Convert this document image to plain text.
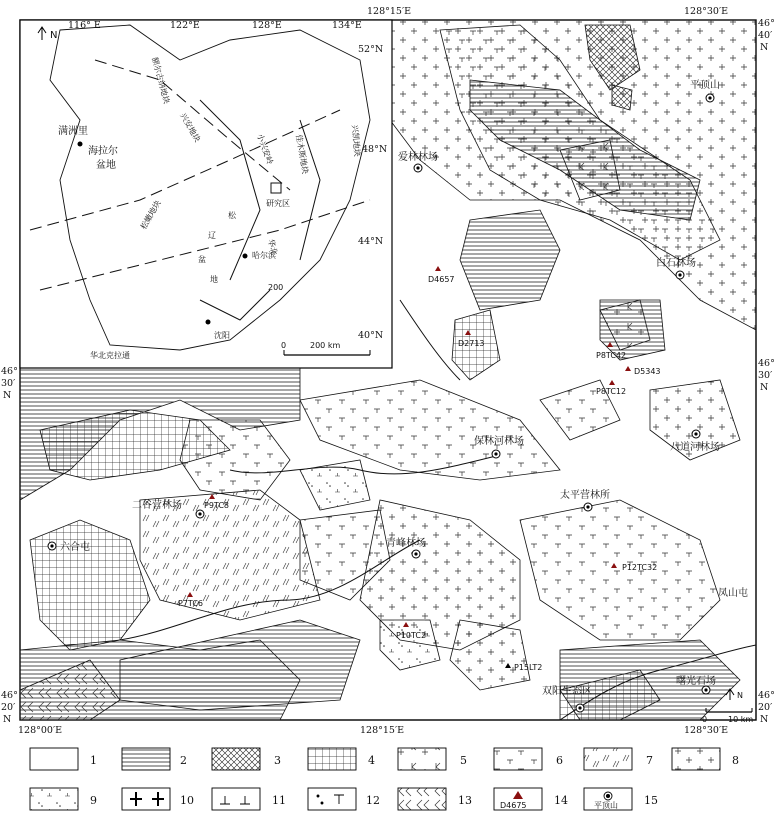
116° E	122°E	128°E	134°E
52°N
48°N
44°N
40°N
N
满洲里
海拉尔
盆地
额尔古纳地块
兴安地块
小兴安岭 佳木斯地块	兴凯地块
研究区
松
辽
盆
地
哈尔滨
松嫩地块
华北
200
沈阳
华北克拉通
0	200 km
128°15′E	128°30′E
128°00′E	128°15′E	128°30′E
46°
30′
N
46°
20′
N
46°
40′
N
46°
30′
N
46°
20′
N
平顶山
爱林林场
白石林场
保林河林场
八道河林场
二谷营林场
太平营林所
六合屯	青峰林场
凤山屯
曙光石场
双阳生态区
D4657
D2713
P8TC42
D5343
P8TC12
P9TC8
P7TC6
P10TC2
P12TC32
P15LT2
N
0	10 km
1	2	3	4	5	6	7	8
9	10	11	12	13	14	15
D4675	平顶山
